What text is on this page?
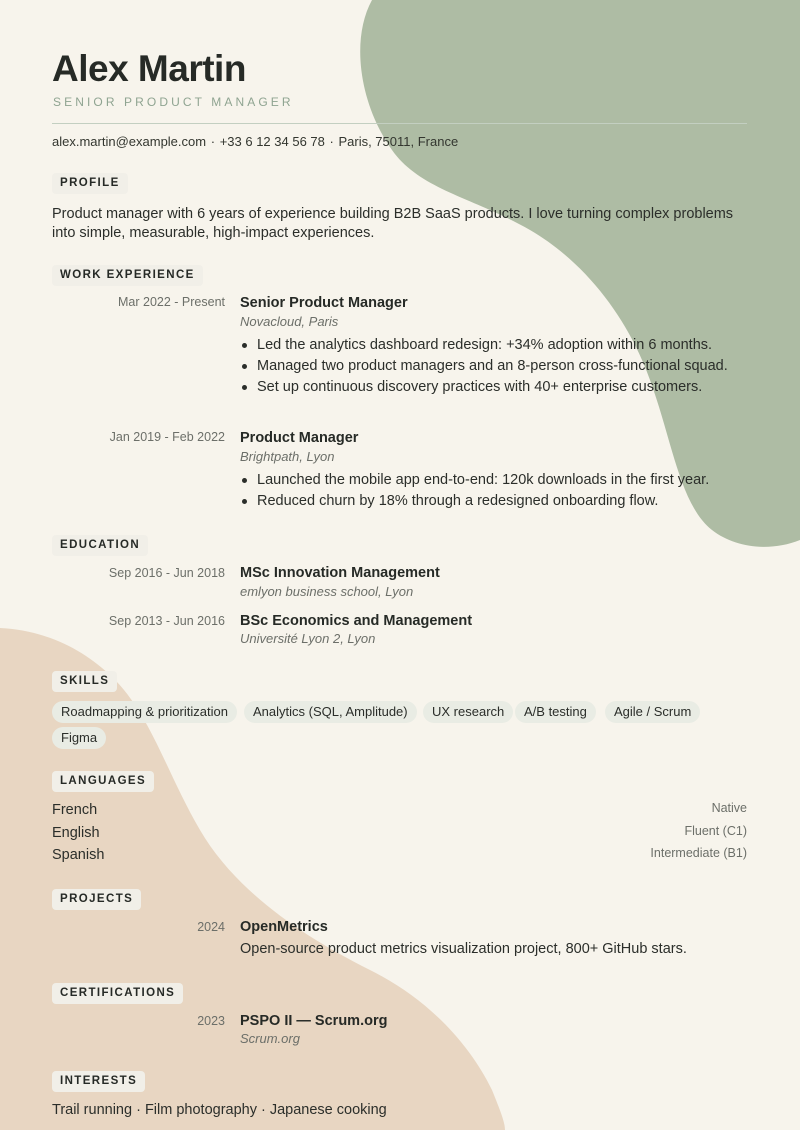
Alex Martin
SENIOR PRODUCT MANAGER
alex.martin@example.com · +33 6 12 34 56 78 · Paris, 75011, France
PROFILE
Product manager with 6 years of experience building B2B SaaS products. I love turning complex problems into simple, measurable, high-impact experiences.
WORK EXPERIENCE
Mar 2022 - Present Senior Product Manager
Novacloud, Paris
Led the analytics dashboard redesign: +34% adoption within 6 months.
Managed two product managers and an 8-person cross-functional squad.
Set up continuous discovery practices with 40+ enterprise customers.
Jan 2019 - Feb 2022 Product Manager
Brightpath, Lyon
Launched the mobile app end-to-end: 120k downloads in the first year.
Reduced churn by 18% through a redesigned onboarding flow.
EDUCATION
Sep 2016 - Jun 2018 MSc Innovation Management
emlyon business school, Lyon
Sep 2013 - Jun 2016 BSc Economics and Management
Université Lyon 2, Lyon
SKILLS
Roadmapping & prioritization	Analytics (SQL, Amplitude)	UX research	A/B testing	Agile / Scrum
Figma
LANGUAGES
French	Native
English	Fluent (C1)
Spanish	Intermediate (B1)
PROJECTS
2024 OpenMetrics
Open-source product metrics visualization project, 800+ GitHub stars.
CERTIFICATIONS
2023 PSPO II — Scrum.org
Scrum.org
INTERESTS
Trail running · Film photography · Japanese cooking
